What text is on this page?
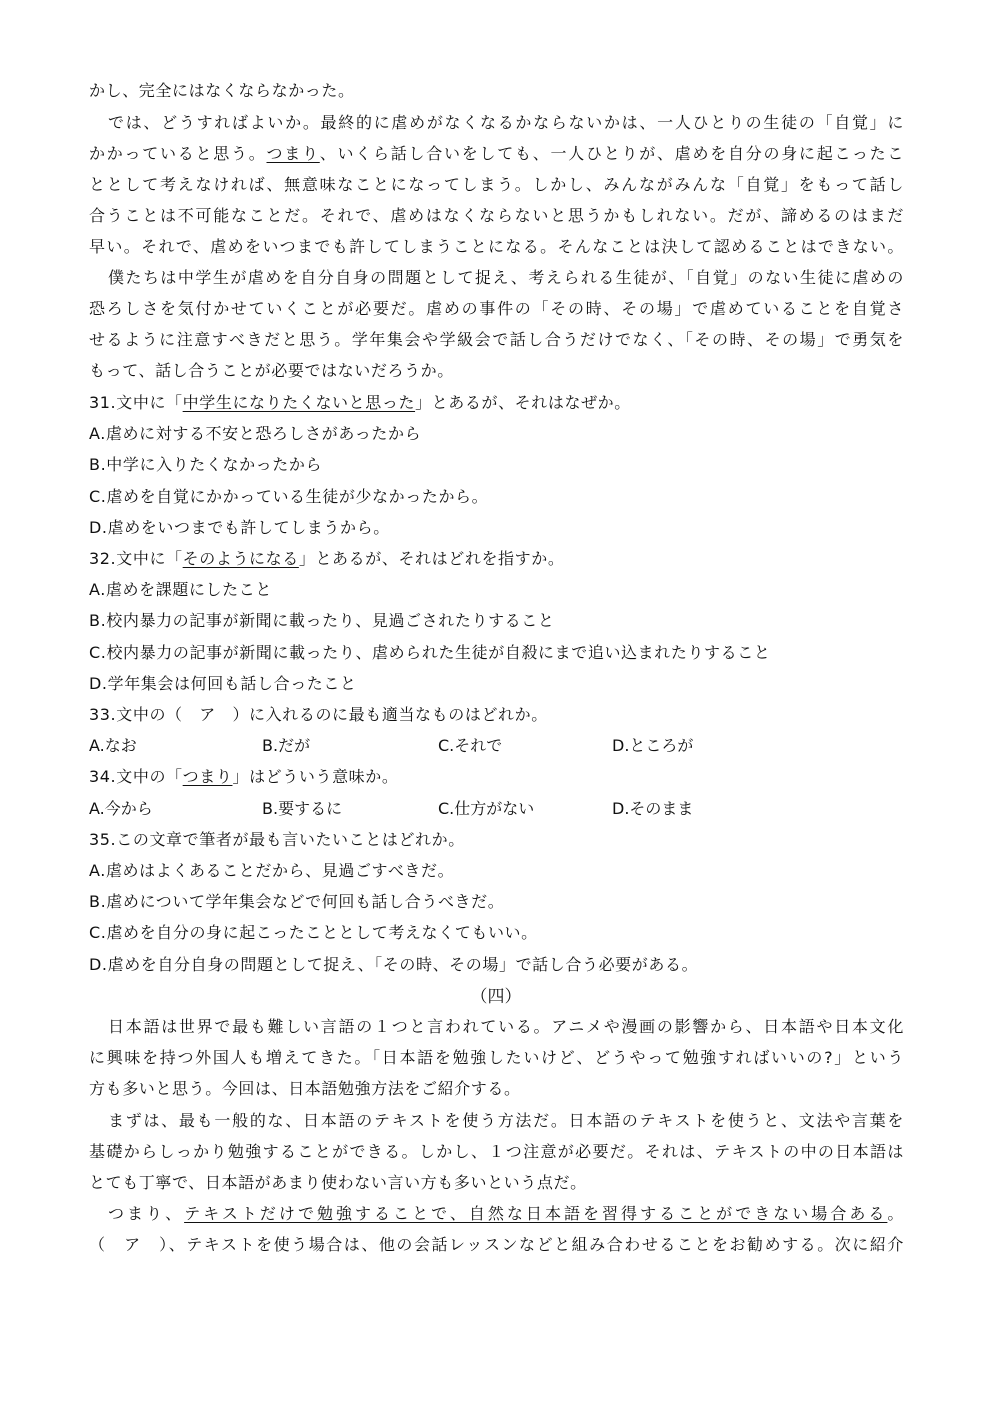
かし、完全にはなくならなかった。
では、どうすればよいか。最終的に虐めがなくなるかならないかは、一人ひとりの生徒の「自覚」に
かかっていると思う。つまり、いくら話し合いをしても、一人ひとりが、虐めを自分の身に起こったこ
ととして考えなければ、無意味なことになってしまう。しかし、みんながみんな「自覚」をもって話し
合うことは不可能なことだ。それで、虐めはなくならないと思うかもしれない。だが、諦めるのはまだ
早い。それで、虐めをいつまでも許してしまうことになる。そんなことは決して認めることはできない。
僕たちは中学生が虐めを自分自身の問題として捉え、考えられる生徒が、「自覚」のない生徒に虐めの
恐ろしさを気付かせていくことが必要だ。虐めの事件の「その時、その場」で虐めていることを自覚さ
せるように注意すべきだと思う。学年集会や学級会で話し合うだけでなく、「その時、その場」で勇気を
もって、話し合うことが必要ではないだろうか。
31.文中に「中学生になりたくないと思った」とあるが、それはなぜか。
A.虐めに対する不安と恐ろしさがあったから
B.中学に入りたくなかったから
C.虐めを自覚にかかっている生徒が少なかったから。
D.虐めをいつまでも許してしまうから。
32.文中に「そのようになる」とあるが、それはどれを指すか。
A.虐めを課題にしたこと
B.校内暴力の記事が新聞に載ったり、見過ごされたりすること
C.校内暴力の記事が新聞に載ったり、虐められた生徒が自殺にまで追い込まれたりすること
D.学年集会は何回も話し合ったこと
33.文中の（　ア　）に入れるのに最も適当なものはどれか。
A.なお	B.だが	C.それで	D.ところが
34.文中の「つまり」はどういう意味か。
A.今から	B.要するに	C.仕方がない	D.そのまま
35.この文章で筆者が最も言いたいことはどれか。
A.虐めはよくあることだから、見過ごすべきだ。
B.虐めについて学年集会などで何回も話し合うべきだ。
C.虐めを自分の身に起こったこととして考えなくてもいい。
D.虐めを自分自身の問題として捉え、「その時、その場」で話し合う必要がある。
（四）
日本語は世界で最も難しい言語の１つと言われている。アニメや漫画の影響から、日本語や日本文化
に興味を持つ外国人も増えてきた。「日本語を勉強したいけど、どうやって勉強すればいいの?」という
方も多いと思う。今回は、日本語勉強方法をご紹介する。
まずは、最も一般的な、日本語のテキストを使う方法だ。日本語のテキストを使うと、文法や言葉を
基礎からしっかり勉強することができる。しかし、１つ注意が必要だ。それは、テキストの中の日本語は
とても丁寧で、日本語があまり使わない言い方も多いという点だ。
つまり、テキストだけで勉強することで、自然な日本語を習得することができない場合ある。
（　ア　）、テキストを使う場合は、他の会話レッスンなどと組み合わせることをお勧めする。次に紹介
